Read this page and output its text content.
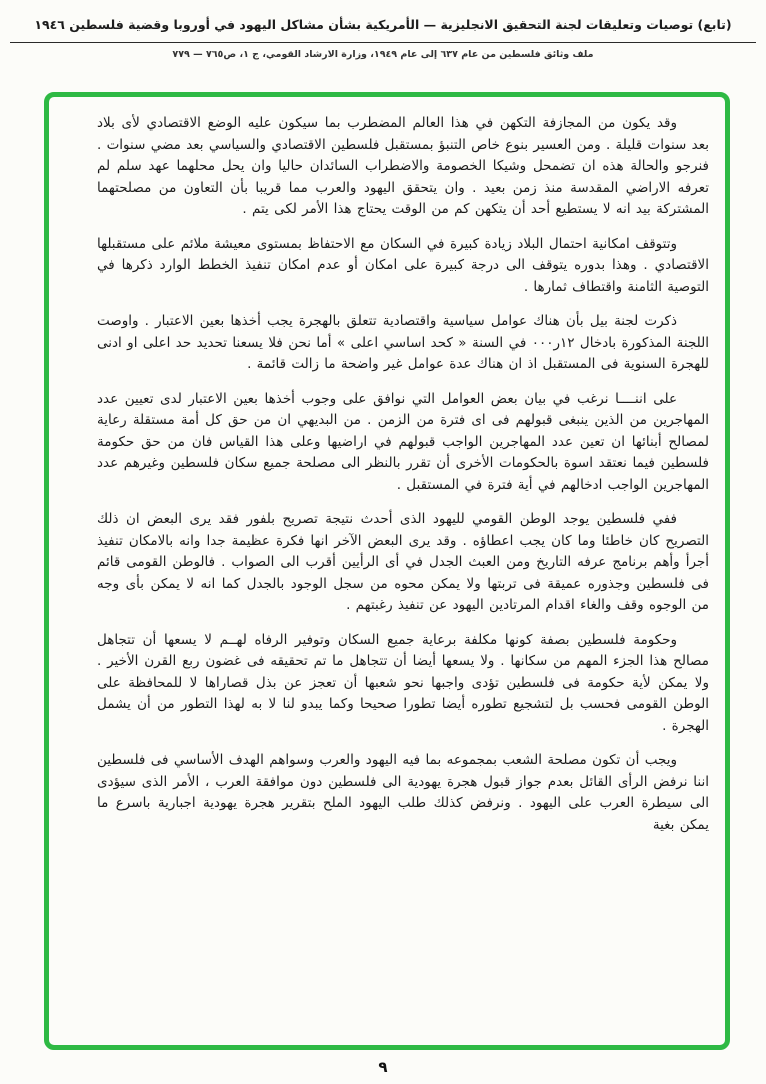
(تابع) توصيات وتعليقات لجنة التحقيق الانجليزية — الأمريكية بشأن مشاكل اليهود في أوروبا وقضية فلسطين ١٩٤٦
ملف وثائق فلسطين من عام ٦٣٧ إلى عام ١٩٤٩، وزارة الارشاد القومي، ج ١، ص٧٦٥ — ٧٧٩

وقد يكون من المجازفة التكهن في هذا العالم المضطرب بما سيكون عليه الوضع الاقتصادي لأى بلاد بعد سنوات قليلة . ومن العسير بنوع خاص التنبؤ بمستقبل فلسطين الاقتصادي والسياسي بعد مضي سنوات . فنرجو والحالة هذه ان تضمحل وشيكا الخصومة والاضطراب السائدان حاليا وان يحل محلهما عهد سلم لم تعرفه الاراضي المقدسة منذ زمن بعيد . وان يتحقق اليهود والعرب مما قريبا بأن التعاون من مصلحتهما المشتركة بيد انه لا يستطيع أحد أن يتكهن كم من الوقت يحتاج هذا الأمر لكى يتم .

وتتوقف امكانية احتمال البلاد زيادة كبيرة في السكان مع الاحتفاظ بمستوى معيشة ملائم على مستقبلها الاقتصادي . وهذا بدوره يتوقف الى درجة كبيرة على امكان أو عدم امكان تنفيذ الخطط الوارد ذكرها في التوصية الثامنة واقتطاف ثمارها .

ذكرت لجنة بيل بأن هناك عوامل سياسية واقتصادية تتعلق بالهجرة يجب أخذها بعين الاعتبار . واوصت اللجنة المذكورة بادخال ١٢ر٠٠٠ في السنة « كحد اساسي اعلى » أما نحن فلا يسعنا تحديد حد اعلى او ادنى للهجرة السنوية فى المستقبل اذ ان هناك عدة عوامل غير واضحة ما زالت قائمة .

على اننــــا نرغب في بيان بعض العوامل التي نوافق على وجوب أخذها بعين الاعتبار لدى تعيين عدد المهاجرين من الذين ينبغى قبولهم فى اى فترة من الزمن . من البديهي ان من حق كل أمة مستقلة رعاية لمصالح أبنائها ان تعين عدد المهاجرين الواجب قبولهم في اراضيها وعلى هذا القياس فان من حق حكومة فلسطين فيما نعتقد اسوة بالحكومات الأخرى أن تقرر بالنظر الى مصلحة جميع سكان فلسطين وغيرهم عدد المهاجرين الواجب ادخالهم في أية فترة في المستقبل .

ففي فلسطين يوجد الوطن القومي لليهود الذى أحدث نتيجة تصريح بلفور فقد يرى البعض ان ذلك التصريح كان خاطئا وما كان يجب اعطاؤه . وقد يرى البعض الآخر انها فكرة عظيمة جدا وانه بالامكان تنفيذ أجرأ وأهم برنامج عرفه التاريخ ومن العبث الجدل في أى الرأيين أقرب الى الصواب . فالوطن القومى قائم فى فلسطين وجذوره عميقة فى تربتها ولا يمكن محوه من سجل الوجود بالجدل كما انه لا يمكن بأى وجه من الوجوه وقف والغاء اقدام المرتادين اليهود عن تنفيذ رغبتهم .

وحكومة فلسطين بصفة كونها مكلفة برعاية جميع السكان وتوفير الرفاه لهــم لا يسعها أن تتجاهل مصالح هذا الجزء المهم من سكانها . ولا يسعها أيضا أن تتجاهل ما تم تحقيقه فى غضون ربع القرن الأخير . ولا يمكن لأية حكومة فى فلسطين تؤدى واجبها نحو شعبها أن تعجز عن بذل قصاراها لا للمحافظة على الوطن القومى فحسب بل لتشجيع تطوره أيضا تطورا صحيحا وكما يبدو لنا لا به لهذا التطور من أن يشمل الهجرة .

ويجب أن تكون مصلحة الشعب بمجموعه بما فيه اليهود والعرب وسواهم الهدف الأساسي فى فلسطين اننا نرفض الرأى القائل بعدم جواز قبول هجرة يهودية الى فلسطين دون موافقة العرب ، الأمر الذى سيؤدى الى سيطرة العرب على اليهود . ونرفض كذلك طلب اليهود الملح بتقرير هجرة يهودية اجبارية باسرع ما يمكن بغية

٩
